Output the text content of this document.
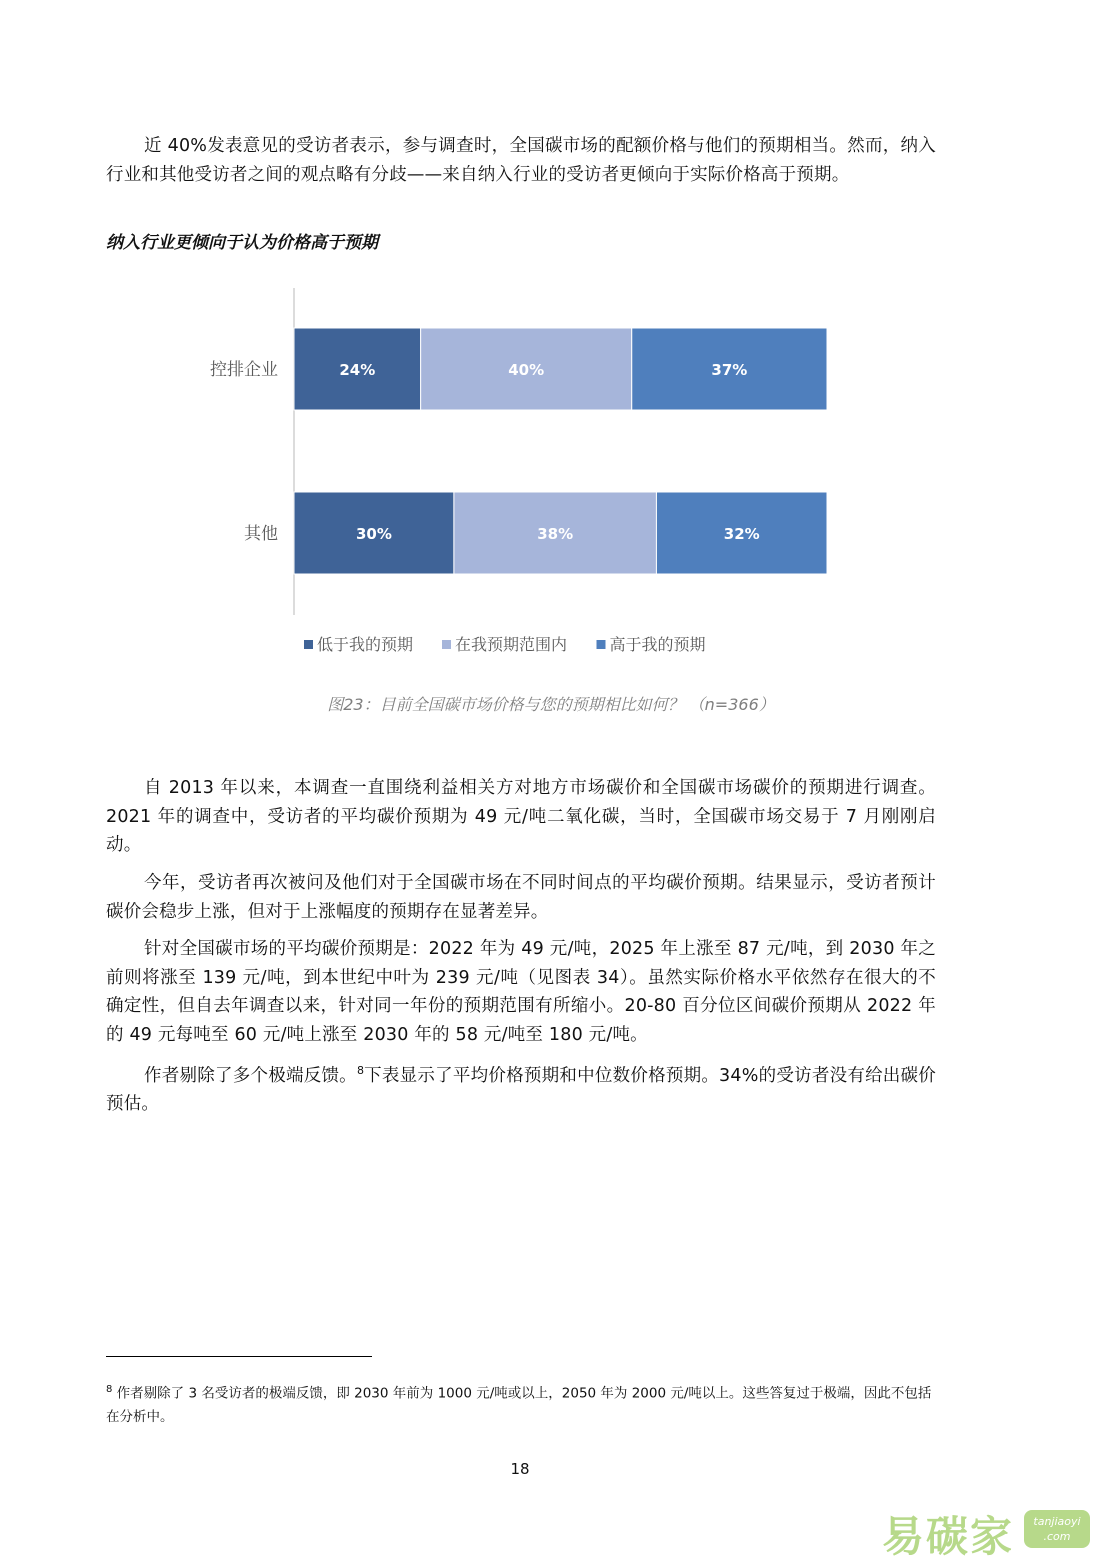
近 40%发表意见的受访者表示，参与调查时，全国碳市场的配额价格与他们的预期相当。然而，纳入行业和其他受访者之间的观点略有分歧——来自纳入行业的受访者更倾向于实际价格高于预期。

纳入行业更倾向于认为价格高于预期

控排企业	24%	40%	37%
其他	30%	38%	32%
低于我的预期	在我预期范围内	高于我的预期

图23：目前全国碳市场价格与您的预期相比如何？ （n=366）

自 2013 年以来，本调查一直围绕利益相关方对地方市场碳价和全国碳市场碳价的预期进行调查。2021 年的调查中，受访者的平均碳价预期为 49 元/吨二氧化碳，当时，全国碳市场交易于 7 月刚刚启动。

今年，受访者再次被问及他们对于全国碳市场在不同时间点的平均碳价预期。结果显示，受访者预计碳价会稳步上涨，但对于上涨幅度的预期存在显著差异。

针对全国碳市场的平均碳价预期是：2022 年为 49 元/吨，2025 年上涨至 87 元/吨，到 2030 年之前则将涨至 139 元/吨，到本世纪中叶为 239 元/吨（见图表 34）。虽然实际价格水平依然存在很大的不确定性，但自去年调查以来，针对同一年份的预期范围有所缩小。20-80 百分位区间碳价预期从 2022 年的 49 元每吨至 60 元/吨上涨至 2030 年的 58 元/吨至 180 元/吨。

作者剔除了多个极端反馈。$^8$下表显示了平均价格预期和中位数价格预期。34%的受访者没有给出碳价预估。

$^8$ 作者剔除了 3 名受访者的极端反馈，即 2030 年前为 1000 元/吨或以上，2050 年为 2000 元/吨以上。这些答复过于极端，因此不包括在分析中。

18
易碳家	tanjiaoyi
.com
